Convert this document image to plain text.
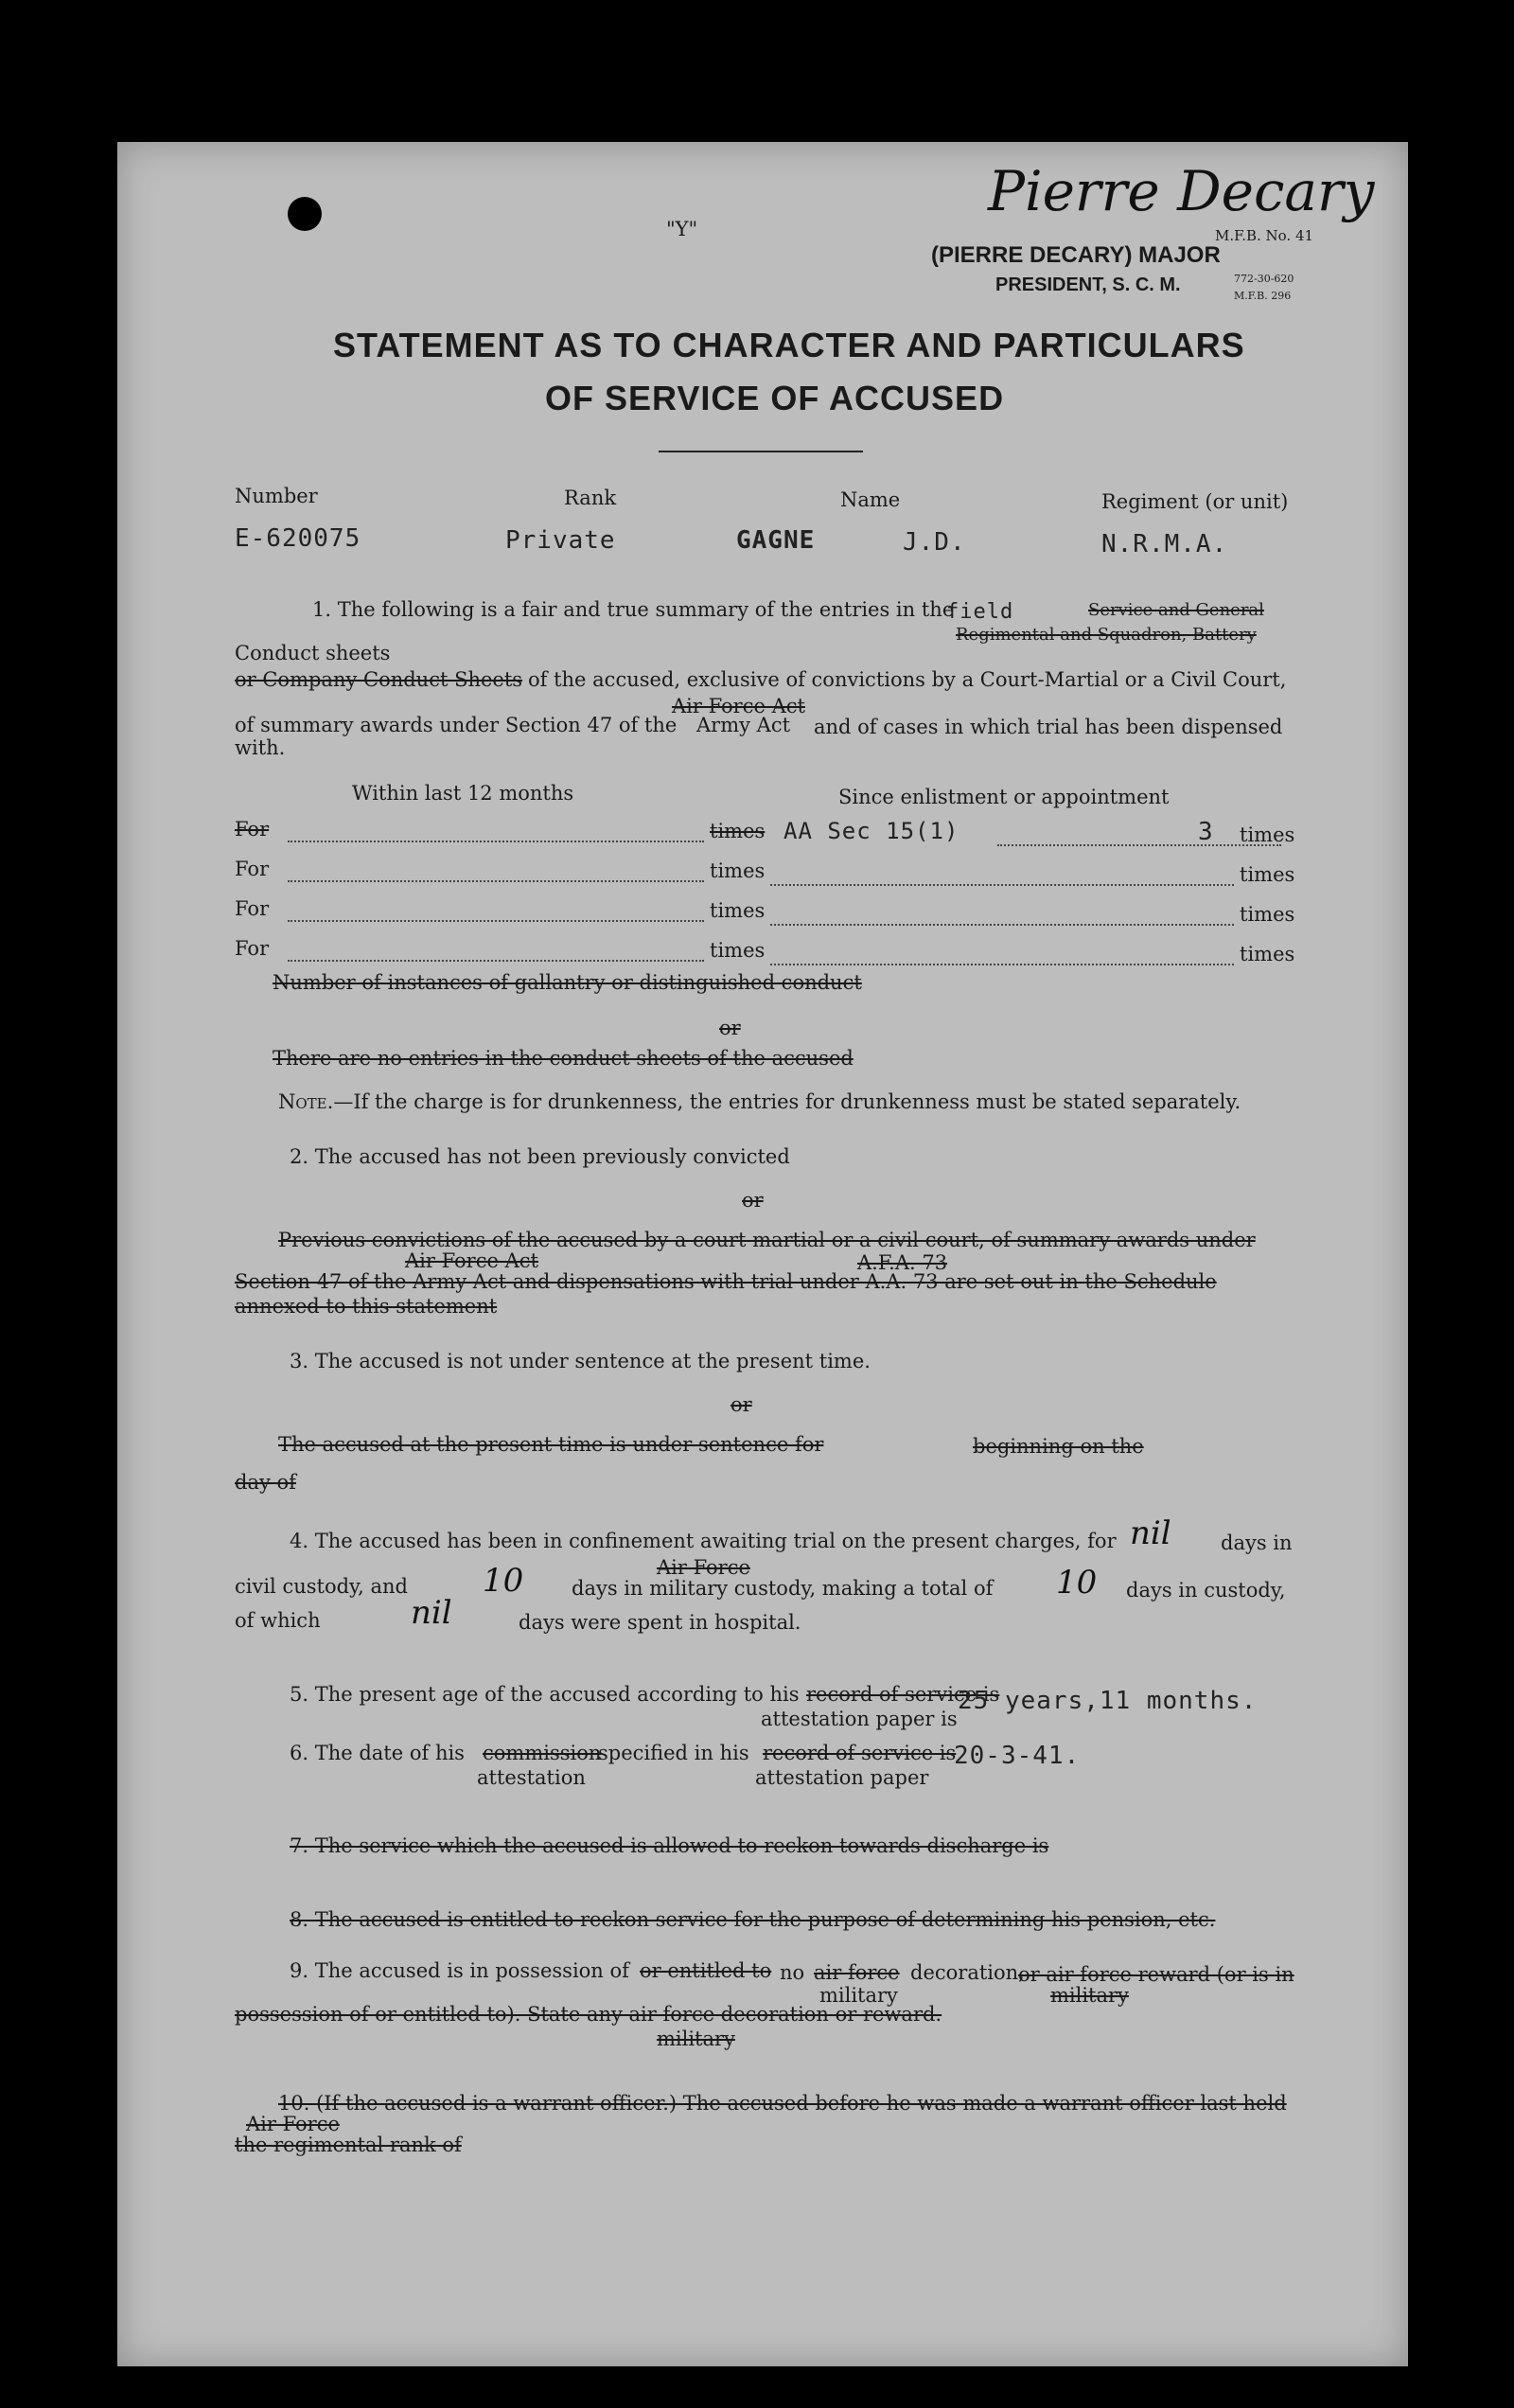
"Y"
Pierre Decary
M.F.B. No. 41
(PIERRE DECARY) MAJOR
PRESIDENT, S. C. M.	772-30-620
M.F.B. 296
STATEMENT AS TO CHARACTER AND PARTICULARS
OF SERVICE OF ACCUSED
Number	Rank	Name	Regiment (or unit)
E-620075	Private	GAGNE	J.D.	N.R.M.A.
1. The following is a fair and true summary of the entries in the
field	Service and General
Regimental and Squadron, Battery
Conduct sheets
or Company Conduct Sheets of the accused, exclusive of convictions by a Court-Martial or a Civil Court,
Air Force Act
of summary awards under Section 47 of the Army Act and of cases in which trial has been dispensed
with.
Within last 12 months	Since enlistment or appointment
For	times AA Sec 15(1)	3 times
For	times	times
For	times	times
For	times	times
Number of instances of gallantry or distinguished conduct
or
There are no entries in the conduct sheets of the accused
Note.—If the charge is for drunkenness, the entries for drunkenness must be stated separately.
2. The accused has not been previously convicted
or
Previous convictions of the accused by a court martial or a civil court, of summary awards under
Air Force Act	A.F.A. 73
Section 47 of the Army Act and dispensations with trial under A.A. 73 are set out in the Schedule
annexed to this statement
3. The accused is not under sentence at the present time.
or
The accused at the present time is under sentence for	beginning on the
day of
4. The accused has been in confinement awaiting trial on the present charges, for nil days in
Air Force
civil custody, and 10 days in military custody, making a total of 10 days in custody,
of which	nil	days were spent in hospital.
5. The present age of the accused according to his record of service is
attestation paper is
25 years,11 months.
6. The date of his commission
attestation
specified in his record of service is
attestation paper
20-3-41.
7. The service which the accused is allowed to reckon towards discharge is
8. The accused is entitled to reckon service for the purpose of determining his pension, etc.
9. The accused is in possession of or entitled to no air force decoration,
or air force reward (or is in
military	military
possession of or entitled to). State any air force decoration or reward.
military
10. (If the accused is a warrant officer.) The accused before he was made a warrant officer last held
Air Force
the regimental rank of
